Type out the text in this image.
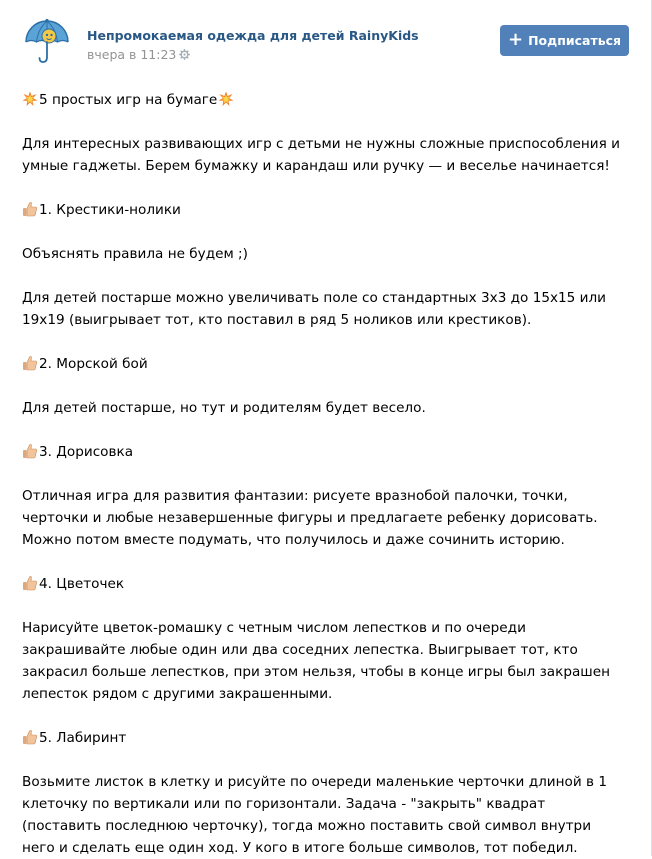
Непромокаемая одежда для детей RainyKids
вчера в 11:23
+ Подписаться
5 простых игр на бумаге
Для интересных развивающих игр с детьми не нужны сложные приспособления и умные гаджеты. Берем бумажку и карандаш или ручку — и веселье начинается!
1. Крестики-нолики
Объяснять правила не будем ;)
Для детей постарше можно увеличивать поле со стандартных 3х3 до 15х15 или 19х19 (выигрывает тот, кто поставил в ряд 5 ноликов или крестиков).
2. Морской бой
Для детей постарше, но тут и родителям будет весело.
3. Дорисовка
Отличная игра для развития фантазии: рисуете вразнобой палочки, точки, черточки и любые незавершенные фигуры и предлагаете ребенку дорисовать. Можно потом вместе подумать, что получилось и даже сочинить историю.
4. Цветочек
Нарисуйте цветок-ромашку с четным числом лепестков и по очереди закрашивайте любые один или два соседних лепестка. Выигрывает тот, кто закрасил больше лепестков, при этом нельзя, чтобы в конце игры был закрашен лепесток рядом с другими закрашенными.
5. Лабиринт
Возьмите листок в клетку и рисуйте по очереди маленькие черточки длиной в 1 клеточку по вертикали или по горизонтали. Задача - "закрыть" квадрат (поставить последнюю черточку), тогда можно поставить свой символ внутри него и сделать еще один ход. У кого в итоге больше символов, тот победил.
